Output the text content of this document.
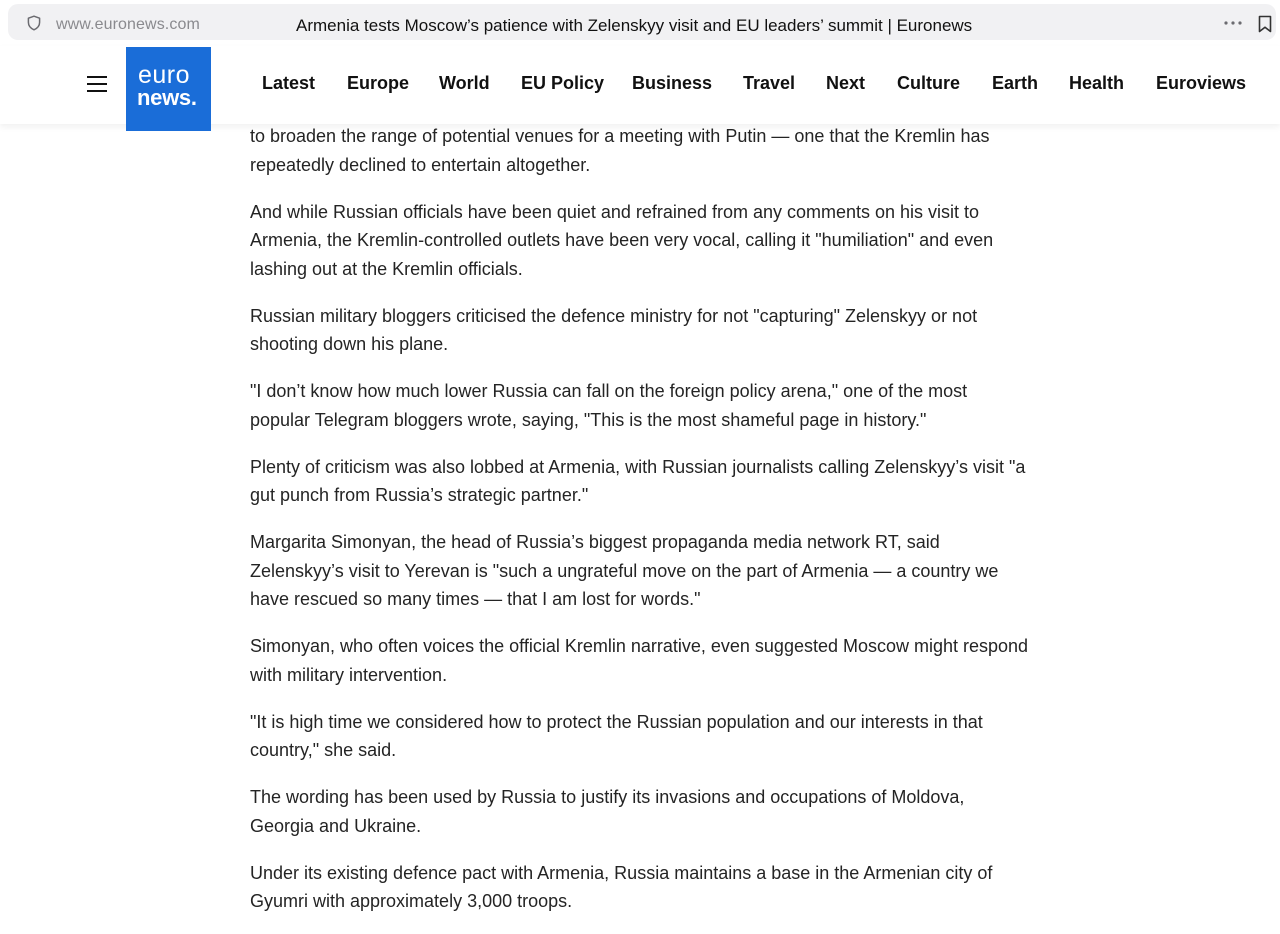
www.euronews.com	Armenia tests Moscow’s patience with Zelenskyy visit and EU leaders’ summit | Euronews
euro
news.
Latest Europe World EU Policy Business Travel Next Culture Earth Health Euroviews

to broaden the range of potential venues for a meeting with Putin — one that the Kremlin has repeatedly declined to entertain altogether.

And while Russian officials have been quiet and refrained from any comments on his visit to Armenia, the Kremlin-controlled outlets have been very vocal, calling it "humiliation" and even lashing out at the Kremlin officials.

Russian military bloggers criticised the defence ministry for not "capturing" Zelenskyy or not shooting down his plane.

"I don’t know how much lower Russia can fall on the foreign policy arena," one of the most popular Telegram bloggers wrote, saying, "This is the most shameful page in history."

Plenty of criticism was also lobbed at Armenia, with Russian journalists calling Zelenskyy’s visit "a gut punch from Russia’s strategic partner."

Margarita Simonyan, the head of Russia’s biggest propaganda media network RT, said Zelenskyy’s visit to Yerevan is "such a ungrateful move on the part of Armenia — a country we have rescued so many times — that I am lost for words."

Simonyan, who often voices the official Kremlin narrative, even suggested Moscow might respond with military intervention.

"It is high time we considered how to protect the Russian population and our interests in that country," she said.

The wording has been used by Russia to justify its invasions and occupations of Moldova, Georgia and Ukraine.

Under its existing defence pact with Armenia, Russia maintains a base in the Armenian city of Gyumri with approximately 3,000 troops.
